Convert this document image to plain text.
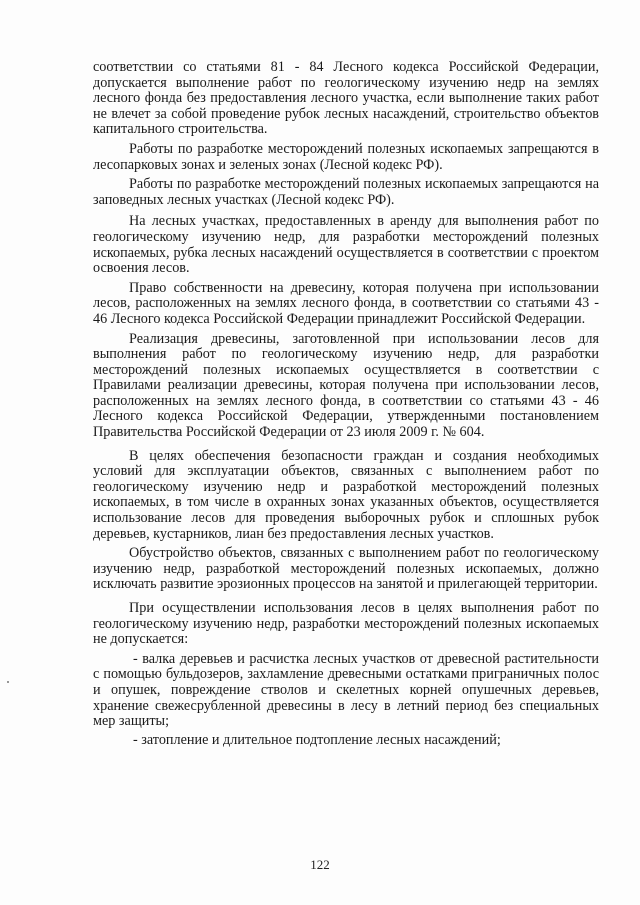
соответствии со статьями 81 - 84 Лесного кодекса Российской Федерации, допускается выполнение работ по геологическому изучению недр на землях лесного фонда без предоставления лесного участка, если выполнение таких работ не влечет за собой проведение рубок лесных насаждений, строительство объектов капитального строительства.

Работы по разработке месторождений полезных ископаемых запрещаются в лесопарковых зонах и зеленых зонах (Лесной кодекс РФ).

Работы по разработке месторождений полезных ископаемых запрещаются на заповедных лесных участках (Лесной кодекс РФ).

На лесных участках, предоставленных в аренду для выполнения работ по геологическому изучению недр, для разработки месторождений полезных ископаемых, рубка лесных насаждений осуществляется в соответствии с проектом освоения лесов.

Право собственности на древесину, которая получена при использовании лесов, расположенных на землях лесного фонда, в соответствии со статьями 43 - 46 Лесного кодекса Российской Федерации принадлежит Российской Федерации.

Реализация древесины, заготовленной при использовании лесов для выполнения работ по геологическому изучению недр, для разработки месторождений полезных ископаемых осуществляется в соответствии с Правилами реализации древесины, которая получена при использовании лесов, расположенных на землях лесного фонда, в соответствии со статьями 43 - 46 Лесного кодекса Российской Федерации, утвержденными постановлением Правительства Российской Федерации от 23 июля 2009 г. № 604.

В целях обеспечения безопасности граждан и создания необходимых условий для эксплуатации объектов, связанных с выполнением работ по геологическому изучению недр и разработкой месторождений полезных ископаемых, в том числе в охранных зонах указанных объектов, осуществляется использование лесов для проведения выборочных рубок и сплошных рубок деревьев, кустарников, лиан без предоставления лесных участков.

Обустройство объектов, связанных с выполнением работ по геологическому изучению недр, разработкой месторождений полезных ископаемых, должно исключать развитие эрозионных процессов на занятой и прилегающей территории.

При осуществлении использования лесов в целях выполнения работ по геологическому изучению недр, разработки месторождений полезных ископаемых не допускается:

- валка деревьев и расчистка лесных участков от древесной растительности с помощью бульдозеров, захламление древесными остатками приграничных полос и опушек, повреждение стволов и скелетных корней опушечных деревьев, хранение свежесрубленной древесины в лесу в летний период без специальных мер защиты;

- затопление и длительное подтопление лесных насаждений;

122
